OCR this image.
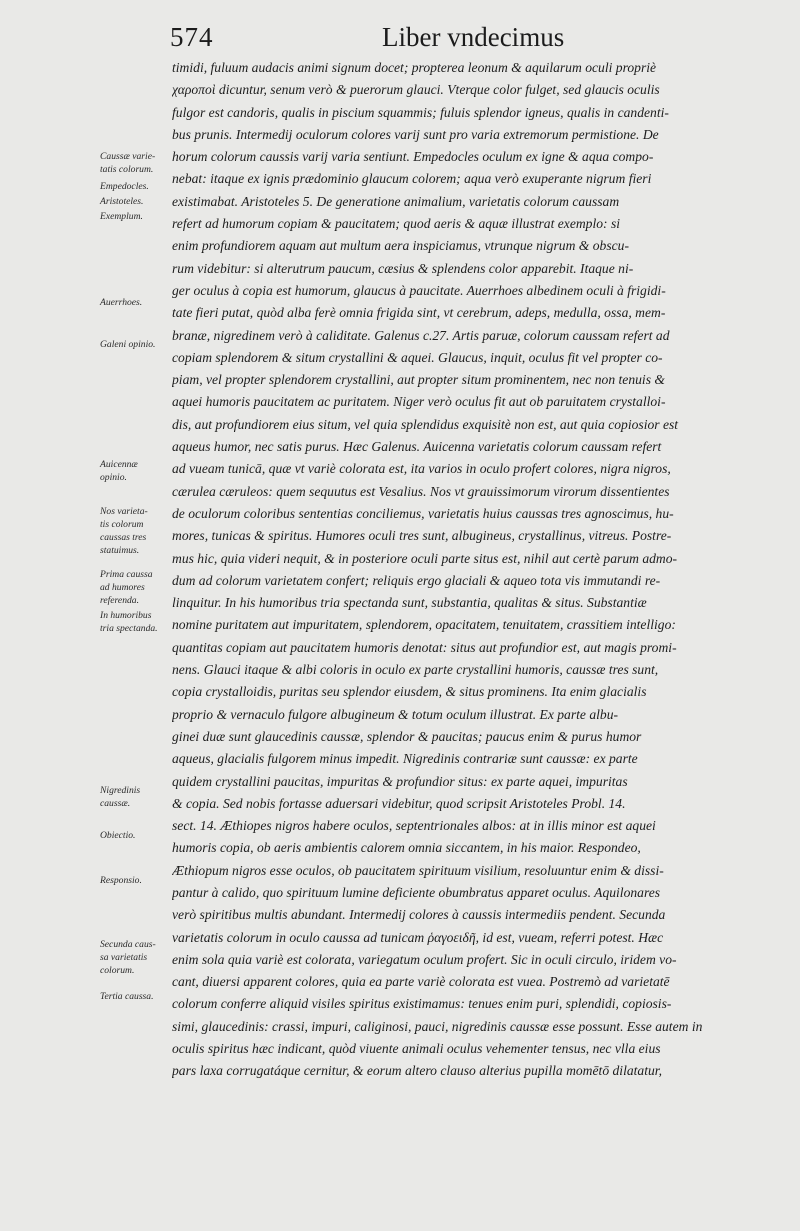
574	Liber vndecimus
timidi, fuluum audacis animi signum docet; propterea leonum & aquilarum oculi propriè
χαροποὶ dicuntur, senum verò & puerorum glauci. Vterque color fulget, sed glaucis oculis
fulgor est candoris, qualis in piscium squammis; fuluis splendor igneus, qualis in candenti-
bus prunis. Intermedij oculorum colores varij sunt pro varia extremorum permistione. De
horum colorum caussis varij varia sentiunt. Empedocles oculum ex igne & aqua compo-
nebat: itaque ex ignis prædominio glaucum colorem; aqua verò exuperante nigrum fieri
existimabat. Aristoteles 5. De generatione animalium, varietatis colorum caussam
refert ad humorum copiam & paucitatem; quod aeris & aquæ illustrat exemplo: si
enim profundiorem aquam aut multum aera inspiciamus, vtrunque nigrum & obscu-
rum videbitur: si alterutrum paucum, cæsius & splendens color apparebit. Itaque ni-
ger oculus à copia est humorum, glaucus à paucitate. Auerrhoes albedinem oculi à frigidi-
tate fieri putat, quòd alba ferè omnia frigida sint, vt cerebrum, adeps, medulla, ossa, mem-
branæ, nigredinem verò à caliditate. Galenus c.27. Artis paruæ, colorum caussam refert ad
copiam splendorem & situm crystallini & aquei. Glaucus, inquit, oculus fit vel propter co-
piam, vel propter splendorem crystallini, aut propter situm prominentem, nec non tenuis &
aquei humoris paucitatem ac puritatem. Niger verò oculus fit aut ob paruitatem crystalloi-
dis, aut profundiorem eius situm, vel quia splendidus exquisitè non est, aut quia copiosior est
aqueus humor, nec satis purus. Hæc Galenus. Auicenna varietatis colorum caussam refert
ad vueam tunicā, quæ vt variè colorata est, ita varios in oculo profert colores, nigra nigros,
cærulea cæruleos: quem sequutus est Vesalius. Nos vt grauissimorum virorum dissentientes
de oculorum coloribus sententias conciliemus, varietatis huius caussas tres agnoscimus, hu-
mores, tunicas & spiritus. Humores oculi tres sunt, albugineus, crystallinus, vitreus. Postre-
mus hic, quia videri nequit, & in posteriore oculi parte situs est, nihil aut certè parum admo-
dum ad colorum varietatem confert; reliquis ergo glaciali & aqueo tota vis immutandi re-
linquitur. In his humoribus tria spectanda sunt, substantia, qualitas & situs. Substantiæ
nomine puritatem aut impuritatem, splendorem, opacitatem, tenuitatem, crassitiem intelligo:
quantitas copiam aut paucitatem humoris denotat: situs aut profundior est, aut magis promi-
nens. Glauci itaque & albi coloris in oculo ex parte crystallini humoris, caussæ tres sunt,
copia crystalloidis, puritas seu splendor eiusdem, & situs prominens. Ita enim glacialis
proprio & vernaculo fulgore albugineum & totum oculum illustrat. Ex parte albu-
ginei duæ sunt glaucedinis caussæ, splendor & paucitas; paucus enim & purus humor
aqueus, glacialis fulgorem minus impedit. Nigredinis contrariæ sunt caussæ: ex parte
quidem crystallini paucitas, impuritas & profundior situs: ex parte aquei, impuritas
& copia. Sed nobis fortasse aduersari videbitur, quod scripsit Aristoteles Probl. 14.
sect. 14. Æthiopes nigros habere oculos, septentrionales albos: at in illis minor est aquei
humoris copia, ob aeris ambientis calorem omnia siccantem, in his maior. Respondeo,
Æthiopum nigros esse oculos, ob paucitatem spirituum visilium, resoluuntur enim & dissi-
pantur à calido, quo spirituum lumine deficiente obumbratus apparet oculus. Aquilonares
verò spiritibus multis abundant. Intermedij colores à caussis intermediis pendent. Secunda
varietatis colorum in oculo caussa ad tunicam ῥαγοειδῆ, id est, vueam, referri potest. Hæc
enim sola quia variè est colorata, variegatum oculum profert. Sic in oculi circulo, iridem vo-
cant, diuersi apparent colores, quia ea parte variè colorata est vuea. Postremò ad varietatē
colorum conferre aliquid visiles spiritus existimamus: tenues enim puri, splendidi, copiosis-
simi, glaucedinis: crassi, impuri, caliginosi, pauci, nigredinis caussæ esse possunt. Esse autem in
oculis spiritus hæc indicant, quòd viuente animali oculus vehementer tensus, nec vlla eius
pars laxa corrugatáque cernitur, & eorum altero clauso alterius pupilla momētō dilatatur,
Caussæ varie-
tatis colorum.
Empedocles.
Aristoteles.
Exemplum.
Auerrhoes.
Galeni opinio.
Auicennæ
opinio.
Nos varieta-
tis colorum
caussas tres
statuimus.
Prima caussa
ad humores
referenda.
In humoribus
tria spectanda.
Nigredinis
caussæ.
Obiectio.
Responsio.
Secunda caus-
sa varietatis
colorum.
Tertia caussa.
